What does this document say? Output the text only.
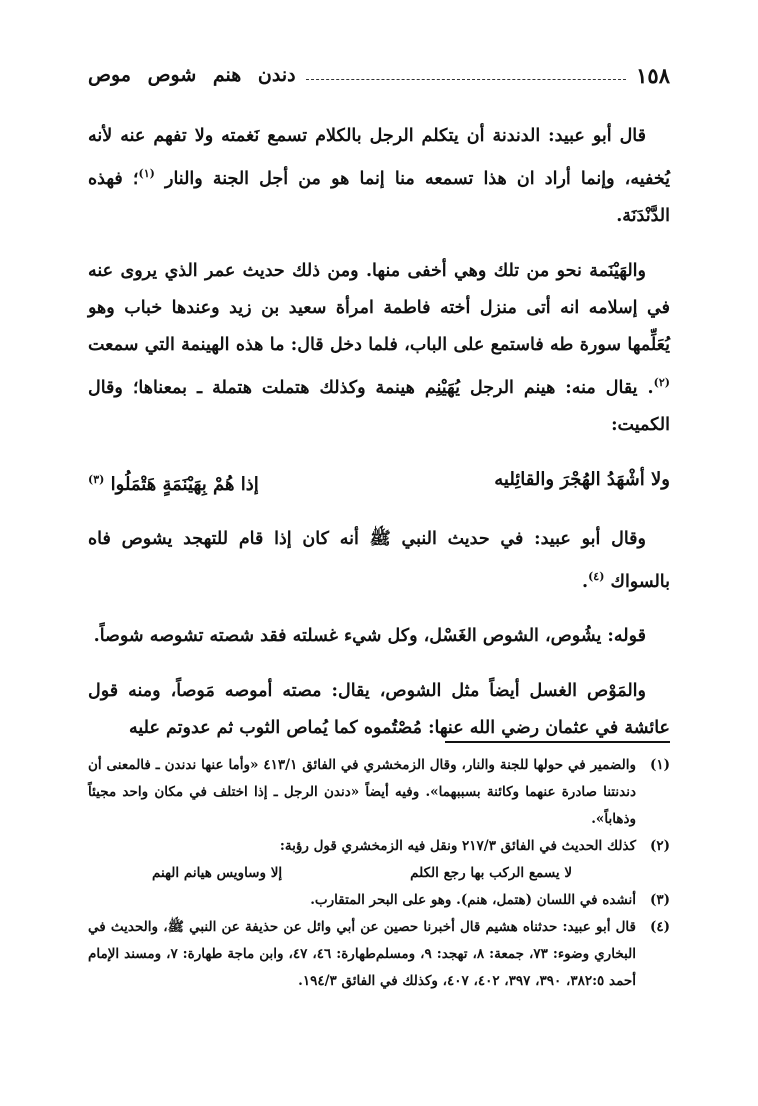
١٥٨
دندن هنم شوص موص

قال أبو عبيد: الدندنة أن يتكلم الرجل بالكلام تسمع نَغمته ولا تفهم عنه لأنه يُخفيه، وإنما أراد ان هذا تسمعه منا إنما هو من أجل الجنة والنار $^{(١)}$؛ فهذه الدَّنْدَنَة.

والهَيْنَمة نحو من تلك وهي أخفى منها. ومن ذلك حديث عمر الذي يروى عنه في إسلامه انه أتى منزل أخته فاطمة امرأة سعيد بن زيد وعندها خباب وهو يُعَلِّمها سورة طه فاستمع على الباب، فلما دخل قال: ما هذه الهينمة التي سمعت $^{(٢)}$. يقال منه: هينم الرجل يُهَيْنِم هينمة وكذلك هتملت هتملة ـ بمعناها؛ وقال الكميت:

ولا أشْهَدُ الهُجْرَ والقائِليه
إذا هُمْ بِهَيْنَمَةٍ هَتْمَلُوا $^{(٣)}$

وقال أبو عبيد: في حديث النبي ﷺ أنه كان إذا قام للتهجد يشوص فاه بالسواك $^{(٤)}$.

قوله: يشُوص، الشوص الغَسْل، وكل شيء غسلته فقد شصته تشوصه شوصاً.

والمَوْص الغسل أيضاً مثل الشوص، يقال: مصته أموصه مَوصاً، ومنه قول عائشة في عثمان رضي الله عنها: مُصْتُموه كما يُماص الثوب ثم عدوتم عليه

(١)
والضمير في حولها للجنة والنار، وقال الزمخشري في الفائق ٤١٣/١ «وأما عنها ندندن ـ فالمعنى أن دندنتنا صادرة عنهما وكائنة بسببهما». وفيه أيضاً «دندن الرجل ـ إذا اختلف في مكان واحد مجيئاً وذهاباً».
(٢)
كذلك الحديث في الفائق ٢١٧/٣ ونقل فيه الزمخشري قول رؤبة:
لا يسمع الركب بها رجع الكلم
إلا وساويس هيانم الهنم
(٣)
أنشده في اللسان (هتمل، هنم). وهو على البحر المتقارب.
(٤)
قال أبو عبيد: حدثناه هشيم قال أخبرنا حصين عن أبي وائل عن حذيفة عن النبي ﷺ، والحديث في البخاري وضوء: ٧٣، جمعة: ٨، تهجد: ٩، ومسلم‌طهارة: ٤٦، ٤٧، وابن ماجة طهارة: ٧، ومسند الإمام أحمد ٣٨٢:٥، ٣٩٠، ٣٩٧، ٤٠٢، ٤٠٧، وكذلك في الفائق ١٩٤/٣.
